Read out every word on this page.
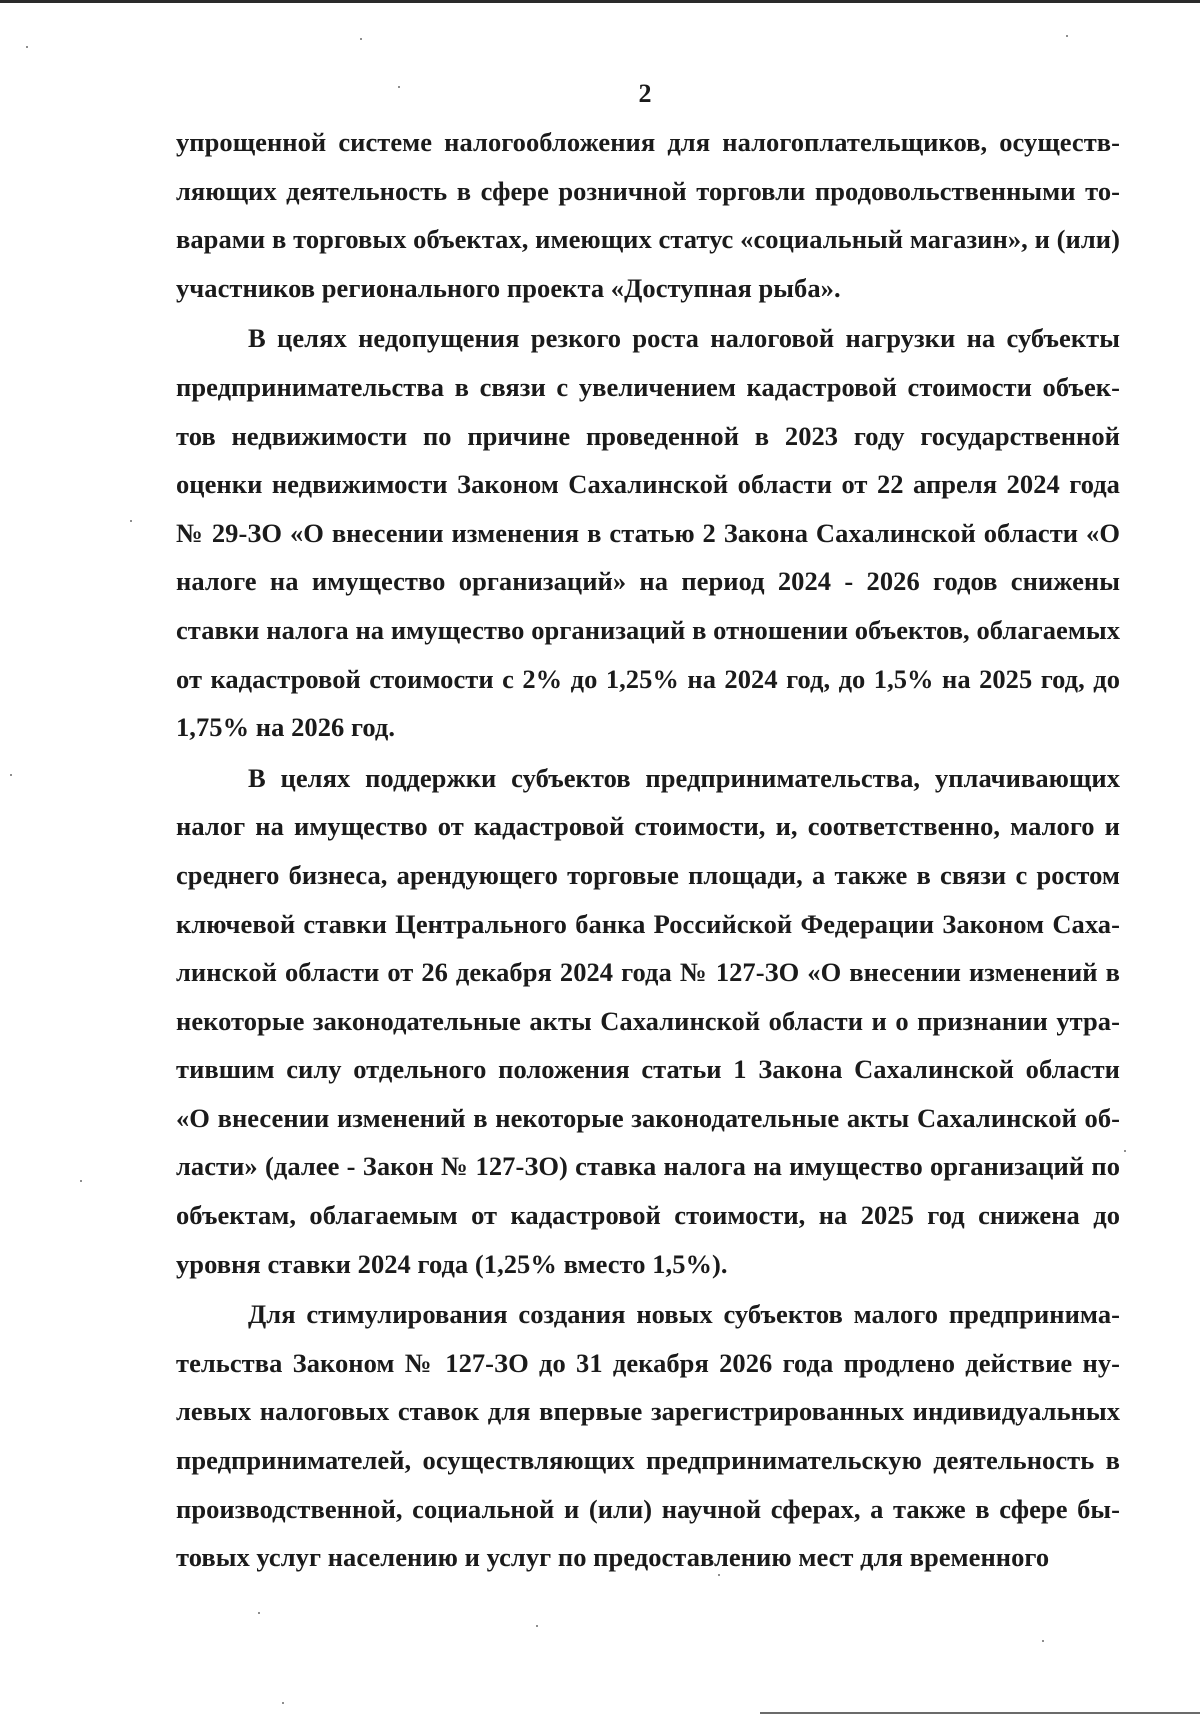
2
упрощенной системе налогообложения для налогоплательщиков, осуществ-
ляющих деятельность в сфере розничной торговли продовольственными то-
варами в торговых объектах, имеющих статус «социальный магазин», и (или)
участников регионального проекта «Доступная рыба».
В целях недопущения резкого роста налоговой нагрузки на субъекты
предпринимательства в связи с увеличением кадастровой стоимости объек-
тов недвижимости по причине проведенной в 2023 году государственной
оценки недвижимости Законом Сахалинской области от 22 апреля 2024 года
№ 29-ЗО «О внесении изменения в статью 2 Закона Сахалинской области «О
налоге на имущество организаций» на период 2024 - 2026 годов снижены
ставки налога на имущество организаций в отношении объектов, облагаемых
от кадастровой стоимости с 2% до 1,25% на 2024 год, до 1,5% на 2025 год, до
1,75% на 2026 год.
В целях поддержки субъектов предпринимательства, уплачивающих
налог на имущество от кадастровой стоимости, и, соответственно, малого и
среднего бизнеса, арендующего торговые площади, а также в связи с ростом
ключевой ставки Центрального банка Российской Федерации Законом Саха-
линской области от 26 декабря 2024 года № 127-ЗО «О внесении изменений в
некоторые законодательные акты Сахалинской области и о признании утра-
тившим силу отдельного положения статьи 1 Закона Сахалинской области
«О внесении изменений в некоторые законодательные акты Сахалинской об-
ласти» (далее - Закон № 127-ЗО) ставка налога на имущество организаций по
объектам, облагаемым от кадастровой стоимости, на 2025 год снижена до
уровня ставки 2024 года (1,25% вместо 1,5%).
Для стимулирования создания новых субъектов малого предпринима-
тельства Законом № 127-ЗО до 31 декабря 2026 года продлено действие ну-
левых налоговых ставок для впервые зарегистрированных индивидуальных
предпринимателей, осуществляющих предпринимательскую деятельность в
производственной, социальной и (или) научной сферах, а также в сфере бы-
товых услуг населению и услуг по предоставлению мест для временного
